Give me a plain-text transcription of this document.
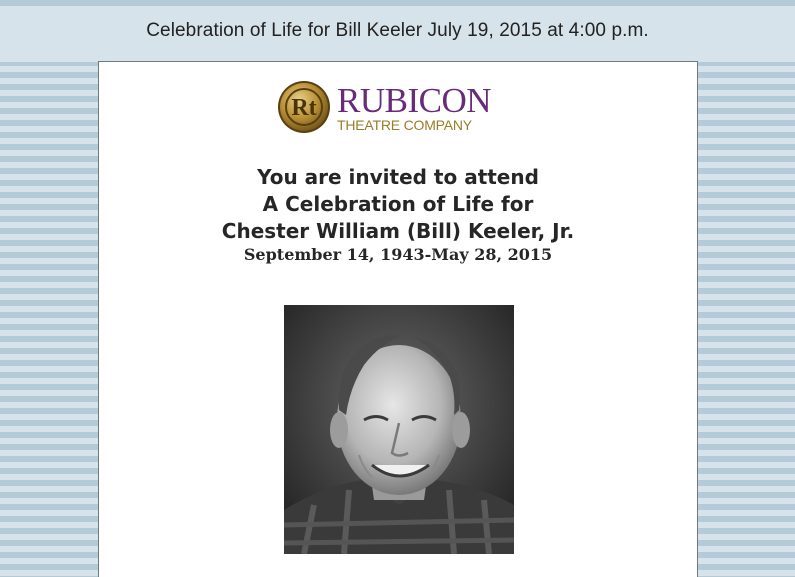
Celebration of Life for Bill Keeler July 19, 2015 at 4:00 p.m.
Rt RUBICON
THEATRE COMPANY
You are invited to attend
A Celebration of Life for
Chester William (Bill) Keeler, Jr.
September 14, 1943-May 28, 2015
